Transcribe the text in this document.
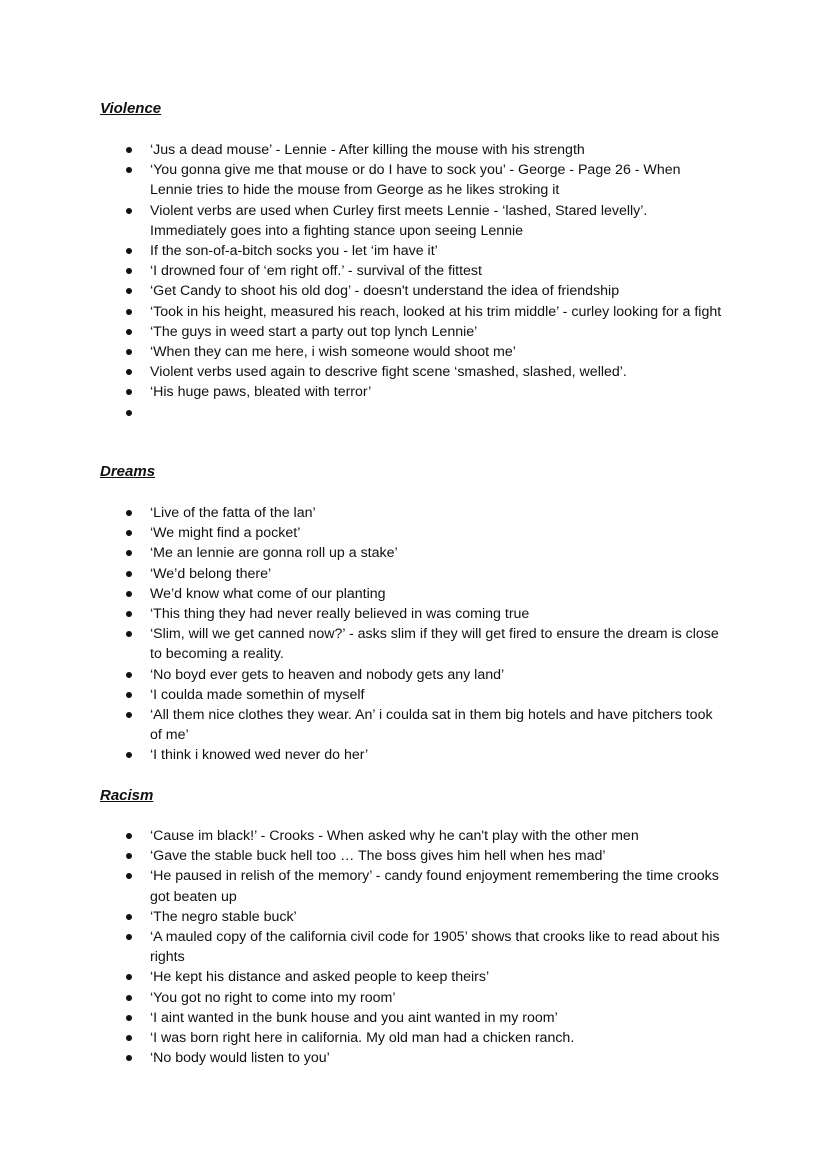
Violence
‘Jus a dead mouse’ - Lennie - After killing the mouse with his strength
‘You gonna give me that mouse or do I have to sock you’ - George - Page 26 - When Lennie tries to hide the mouse from George as he likes stroking it
Violent verbs are used when Curley first meets Lennie - ‘lashed, Stared levelly’. Immediately goes into a fighting stance upon seeing Lennie
If the son-of-a-bitch socks you - let ‘im have it’
‘I drowned four of ‘em right off.’ - survival of the fittest
‘Get Candy to shoot his old dog’ - doesn't understand the idea of friendship
‘Took in his height, measured his reach, looked at his trim middle’ - curley looking for a fight
‘The guys in weed start a party out top lynch Lennie’
‘When they can me here, i wish someone would shoot me’
Violent verbs used again to descrive fight scene ‘smashed, slashed, welled’.
‘His huge paws, bleated with terror’
Dreams
‘Live of the fatta of the lan’
‘We might find a pocket’
‘Me an lennie are gonna roll up a stake’
‘We’d belong there’
We’d know what come of our planting
‘This thing they had never really believed in was coming true
‘Slim, will we get canned now?’ - asks slim if they will get fired to ensure the dream is close to becoming a reality.
‘No boyd ever gets to heaven and nobody gets any land’
‘I coulda made somethin of myself
‘All them nice clothes they wear. An’ i coulda sat in them big hotels and have pitchers took of me’
‘I think i knowed wed never do her’
Racism
‘Cause im black!’ - Crooks - When asked why he can't play with the other men
‘Gave the stable buck hell too … The boss gives him hell when hes mad’
‘He paused in relish of the memory’ - candy found enjoyment remembering the time crooks got beaten up
‘The negro stable buck’
‘A mauled copy of the california civil code for 1905’ shows that crooks like to read about his rights
‘He kept his distance and asked people to keep theirs’
‘You got no right to come into my room’
‘I aint wanted in the bunk house and you aint wanted in my room’
‘I was born right here in california. My old man had a chicken ranch.
‘No body would listen to you’
